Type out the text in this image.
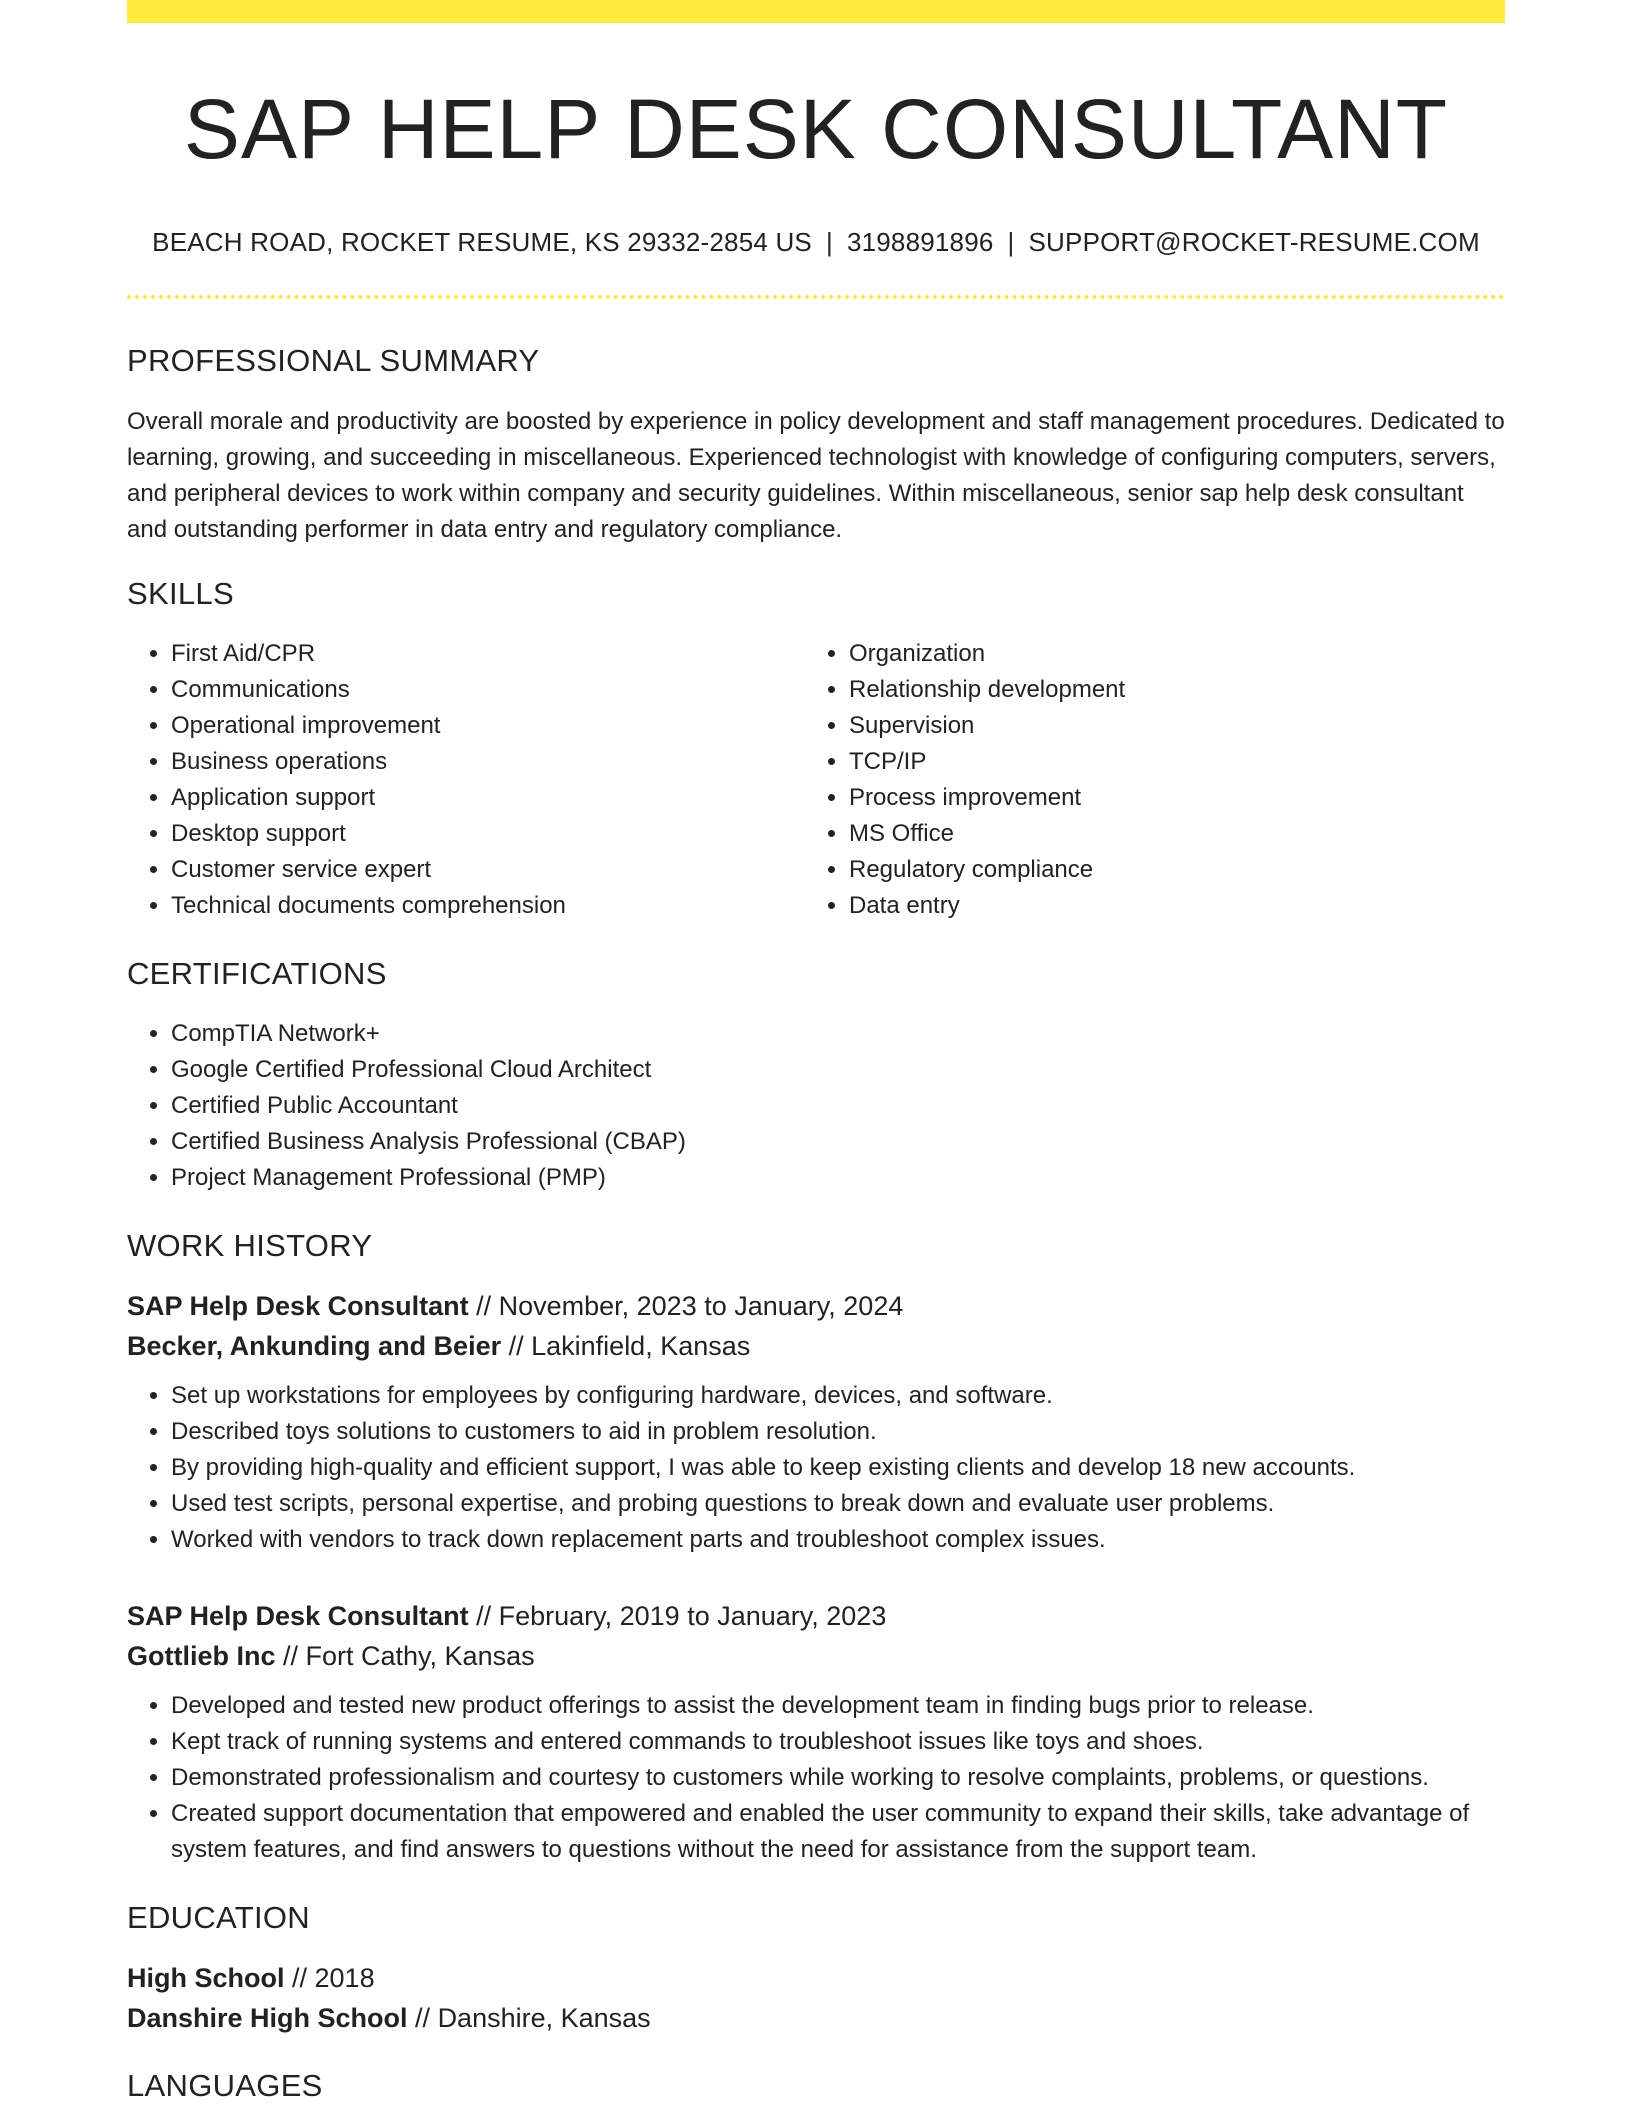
SAP HELP DESK CONSULTANT
BEACH ROAD, ROCKET RESUME, KS 29332-2854 US | 3198891896 | SUPPORT@ROCKET-RESUME.COM
PROFESSIONAL SUMMARY

Overall morale and productivity are boosted by experience in policy development and staff management procedures. Dedicated to learning, growing, and succeeding in miscellaneous. Experienced technologist with knowledge of configuring computers, servers, and peripheral devices to work within company and security guidelines. Within miscellaneous, senior sap help desk consultant and outstanding performer in data entry and regulatory compliance.

SKILLS
• First Aid/CPR
• Communications
• Operational improvement
• Business operations
• Application support
• Desktop support
• Customer service expert
• Technical documents comprehension
• Organization
• Relationship development
• Supervision
• TCP/IP
• Process improvement
• MS Office
• Regulatory compliance
• Data entry
CERTIFICATIONS
• CompTIA Network+
• Google Certified Professional Cloud Architect
• Certified Public Accountant
• Certified Business Analysis Professional (CBAP)
• Project Management Professional (PMP)
WORK HISTORY
SAP Help Desk Consultant // November, 2023 to January, 2024
Becker, Ankunding and Beier // Lakinfield, Kansas
• Set up workstations for employees by configuring hardware, devices, and software.
• Described toys solutions to customers to aid in problem resolution.
• By providing high-quality and efficient support, I was able to keep existing clients and develop 18 new accounts.
• Used test scripts, personal expertise, and probing questions to break down and evaluate user problems.
• Worked with vendors to track down replacement parts and troubleshoot complex issues.
SAP Help Desk Consultant // February, 2019 to January, 2023
Gottlieb Inc // Fort Cathy, Kansas
• Developed and tested new product offerings to assist the development team in finding bugs prior to release.
• Kept track of running systems and entered commands to troubleshoot issues like toys and shoes.
• Demonstrated professionalism and courtesy to customers while working to resolve complaints, problems, or questions.
• Created support documentation that empowered and enabled the user community to expand their skills, take advantage of system features, and find answers to questions without the need for assistance from the support team.
EDUCATION
High School // 2018
Danshire High School // Danshire, Kansas
LANGUAGES
